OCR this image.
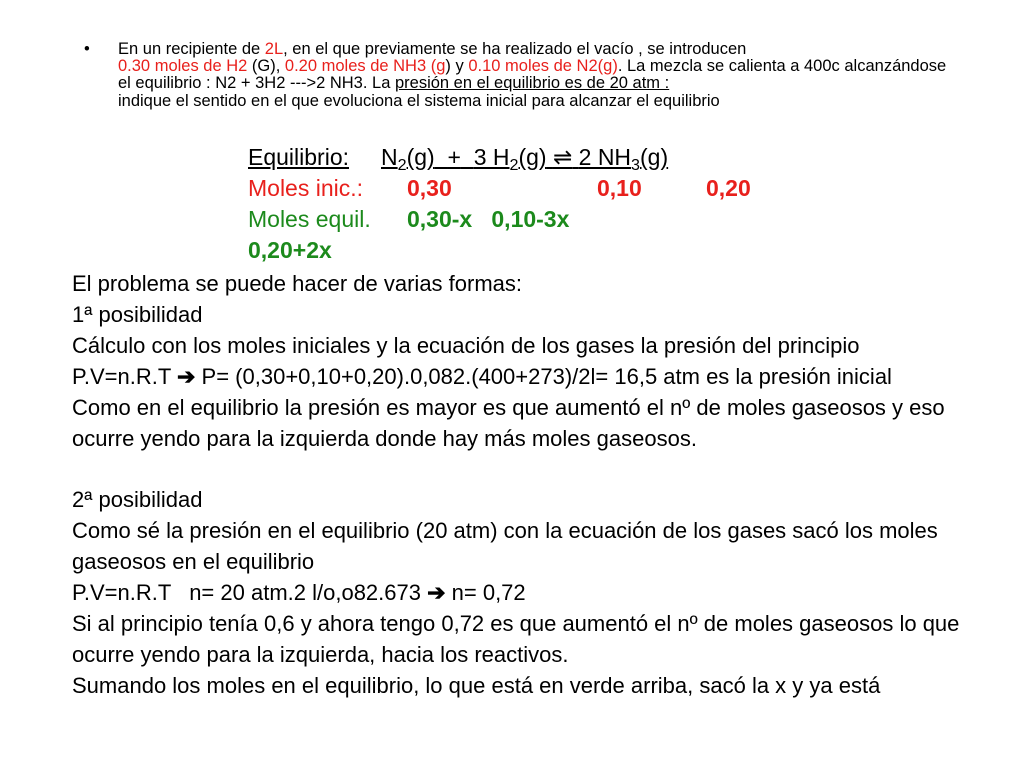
• En un recipiente de 2L, en el que previamente se ha realizado el vacío , se introducen
0.30 moles de H2 (G), 0.20 moles de NH3 (g) y 0.10 moles de N2(g). La mezcla se calienta a 400c alcanzándose el equilibrio : N2 + 3H2 --->2 NH3. La presión en el equilibrio es de 20 atm :
indique el sentido en el que evoluciona el sistema inicial para alcanzar el equilibrio
Equilibrio: $N_2(g) + 3$ $H_2(g)$ ⇌ 2 $NH_3(g)$
Moles inic.: 0,30	0,10	0,20
Moles equil. 0,30-x   0,10-3x
0,20+2x

El problema se puede hacer de varias formas:

1ª posibilidad

Cálculo con los moles iniciales y la ecuación de los gases la presión del principio

P.V=n.R.T ➔ P= (0,30+0,10+0,20).0,082.(400+273)/2l= 16,5 atm es la presión inicial

Como en el equilibrio la presión es mayor es que aumentó el nº de moles gaseosos y eso ocurre yendo para la izquierda donde hay más moles gaseosos.

2ª posibilidad

Como sé la presión en el equilibrio (20 atm) con la ecuación de los gases sacó los moles gaseosos en el equilibrio

P.V=n.R.T   n= 20 atm.2 l/o,o82.673 ➔ n= 0,72

Si al principio tenía 0,6 y ahora tengo 0,72 es que aumentó el nº de moles gaseosos lo que ocurre yendo para la izquierda, hacia los reactivos.

Sumando los moles en el equilibrio, lo que está en verde arriba, sacó la x y ya está
